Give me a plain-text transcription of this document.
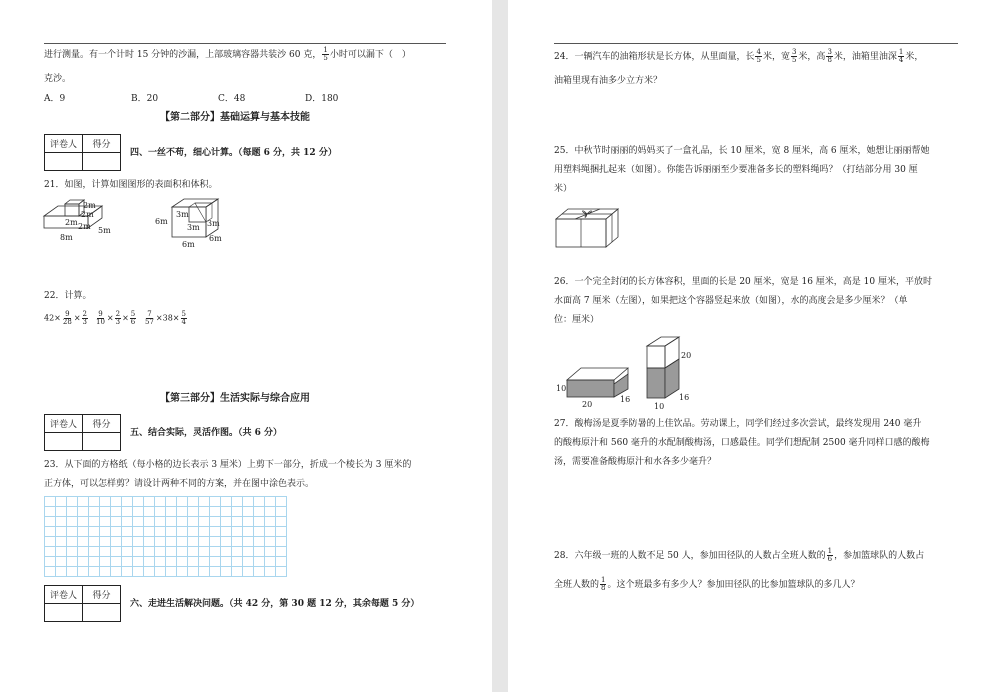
进行测量。有一个计时 15 分钟的沙漏，上部玻璃容器共装沙 60 克， $\frac{1}{5}$ 小时可以漏下（　）
克沙。
A．9	B．20	C．48	D．180
【第二部分】基础运算与基本技能
评卷人	得分

四、一丝不苟，细心计算。（每题 6 分，共 12 分）
21．如图，计算如图图形的表面积和体积。
2m
2m
2m 2m
8m
5m
6m
3m
3m 3m
6m
6m
22．计算。
$42\times \frac{9}{28} \times \frac{2}{3} \frac{9}{10} \times \frac{2}{3} \times \frac{5}{6} \frac{7}{57} \times 38\times \frac{5}{4}$
【第三部分】生活实际与综合应用
评卷人	得分

五、结合实际，灵活作图。（共 6 分）
23．从下面的方格纸（每小格的边长表示 3 厘米）上剪下一部分，折成一个棱长为 3 厘米的
正方体，可以怎样剪？请设计两种不同的方案，并在图中涂色表示。
评卷人	得分

六、走进生活解决问题。（共 42 分，第 30 题 12 分，其余每题 5 分）
24．一辆汽车的油箱形状是长方体，从里面量，长 $\frac{4}{5}$ 米，宽 $\frac{3}{5}$ 米，高 $\frac{3}{8}$ 米，油箱里油深 $\frac{1}{4}$ 米，
油箱里现有油多少立方米？
25．中秋节时丽丽的妈妈买了一盒礼品，长 10 厘米，宽 8 厘米，高 6 厘米，她想让丽丽帮她
用塑料绳捆扎起来（如图）。你能告诉丽丽至少要准备多长的塑料绳吗？（打结部分用 30 厘
米）
26．一个完全封闭的长方体容积，里面的长是 20 厘米，宽是 16 厘米，高是 10 厘米，平放时
水面高 7 厘米（左图），如果把这个容器竖起来放（如图），水的高度会是多少厘米？（单
位：厘米）
10
20
16
20
10
16
27．酸梅汤是夏季防暑的上佳饮品。劳动课上，同学们经过多次尝试，最终发现用 240 毫升
的酸梅原汁和 560 毫升的水配制酸梅汤，口感最佳。同学们想配制 2500 毫升同样口感的酸梅
汤，需要准备酸梅原汁和水各多少毫升？
28．六年级一班的人数不足 50 人，参加田径队的人数占全班人数的 $\frac{1}{6}$ ，参加篮球队的人数占
全班人数的 $\frac{1}{8}$ 。这个班最多有多少人？参加田径队的比参加篮球队的多几人？
